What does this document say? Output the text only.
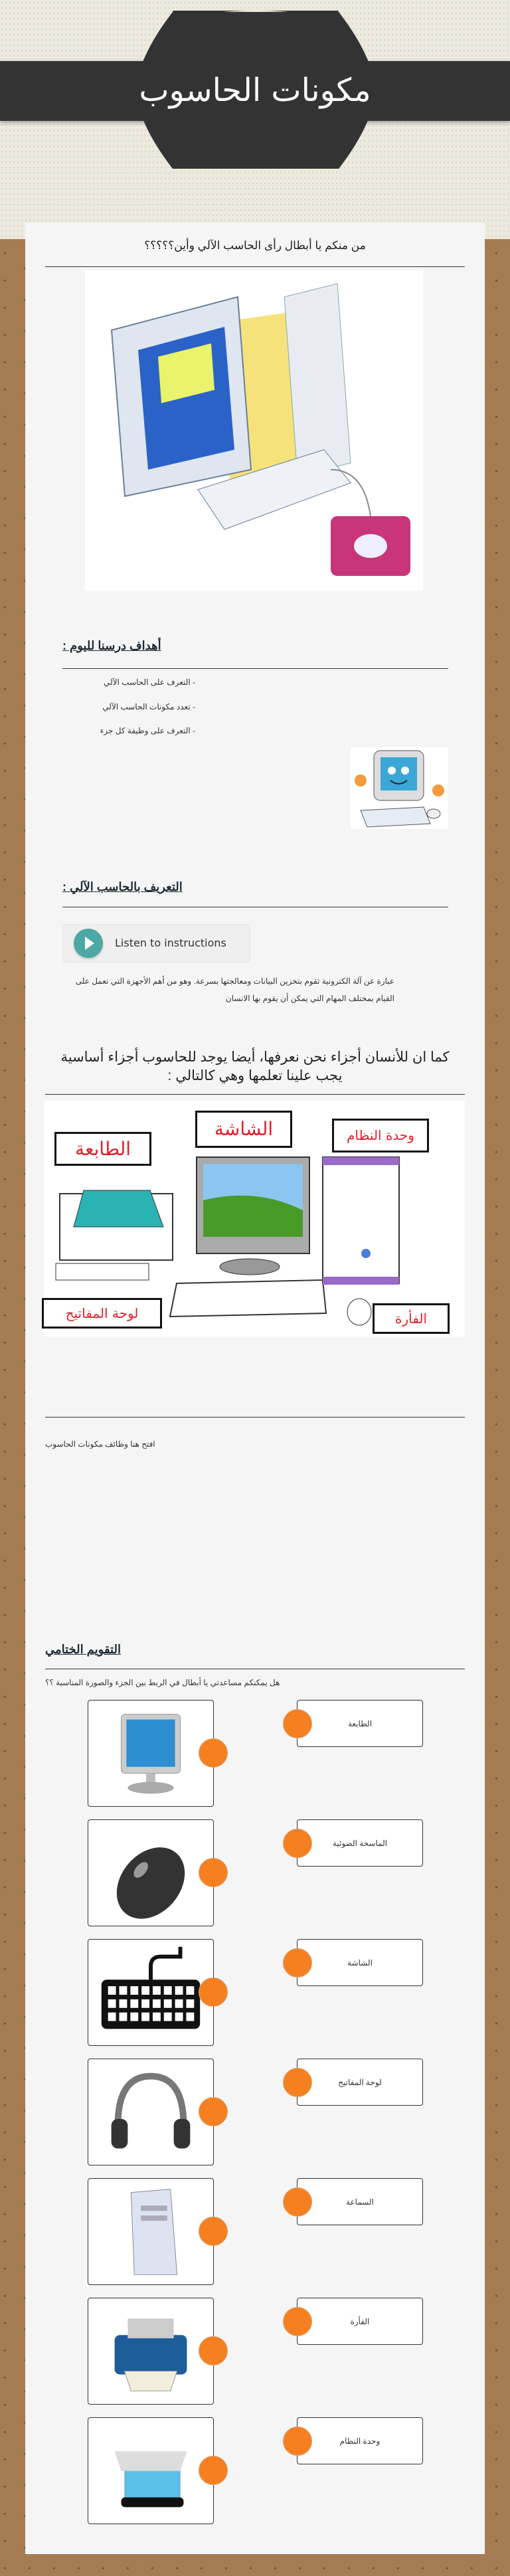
مكونات الحاسوب
من منكم يا أبطال رأى الحاسب الآلي وأين؟؟؟؟؟
أهداف درسنا لليوم :
- التعرف على الحاسب الآلي
- تعدد مكونات الحاسب الآلي
- التعرف على وظيفة كل جزء
التعريف بالحاسب الآلي :
Listen to instructions
عبارة عن آلة الكترونية تقوم بتخزين البيانات ومعالجتها بسرعة. وهو من أهم الأجهزة التي تعمل على القيام بمختلف المهام التي يمكن أن يقوم بها الانسان
كما ان للأنسان أجزاء نحن نعرفها، أيضا يوجد للحاسوب أجزاء أساسية يجب علينا تعلمها وهي كالتالي :
الطابعة
الشاشة	وحدة النظام
لوحة المفاتيح	الفأرة
افتح هنا وظائف مكونات الحاسوب
التقويم الختامي
هل يمكنكم مساعدتي يا أبطال في الربط بين الجزء والصورة المناسبة ؟؟
الطابعة
الماسحة الضوئية
الشاشة
لوحة المفاتيح
السماعة
الفأرة
وحدة النظام
